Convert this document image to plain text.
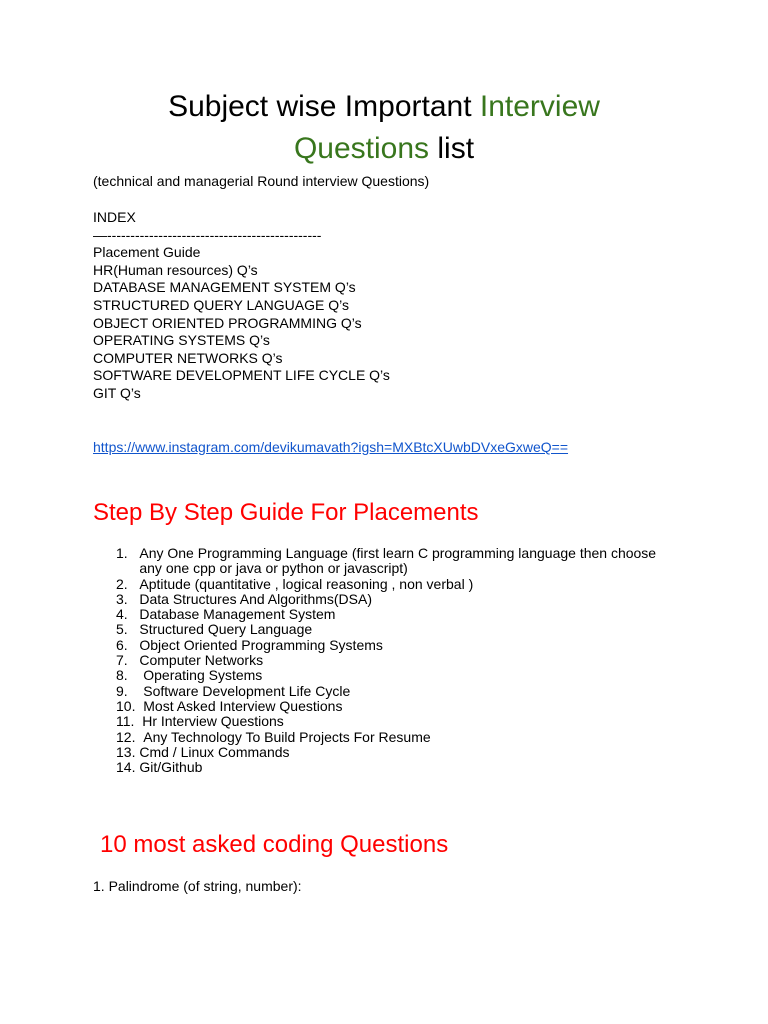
Subject wise Important Interview
Questions list
(technical and managerial Round interview Questions)
INDEX
—----------------------------------------------
Placement Guide
HR(Human resources) Q’s
DATABASE MANAGEMENT SYSTEM Q’s
STRUCTURED QUERY LANGUAGE Q’s
OBJECT ORIENTED PROGRAMMING Q’s
OPERATING SYSTEMS Q’s
COMPUTER NETWORKS Q’s
SOFTWARE DEVELOPMENT LIFE CYCLE Q’s
GIT Q’s
https://www.instagram.com/devikumavath?igsh=MXBtcXUwbDVxeGxweQ==
Step By Step Guide For Placements
1. Any One Programming Language (first learn C programming language then choose any one cpp or java or python or javascript)
2. Aptitude (quantitative , logical reasoning , non verbal )
3. Data Structures And Algorithms(DSA)
4. Database Management System
5. Structured Query Language
6. Object Oriented Programming Systems
7. Computer Networks
8. Operating Systems
9. Software Development Life Cycle
10. Most Asked Interview Questions
11. Hr Interview Questions
12. Any Technology To Build Projects For Resume
13. Cmd / Linux Commands
14. Git/Github
10 most asked coding Questions
1. Palindrome (of string, number):
